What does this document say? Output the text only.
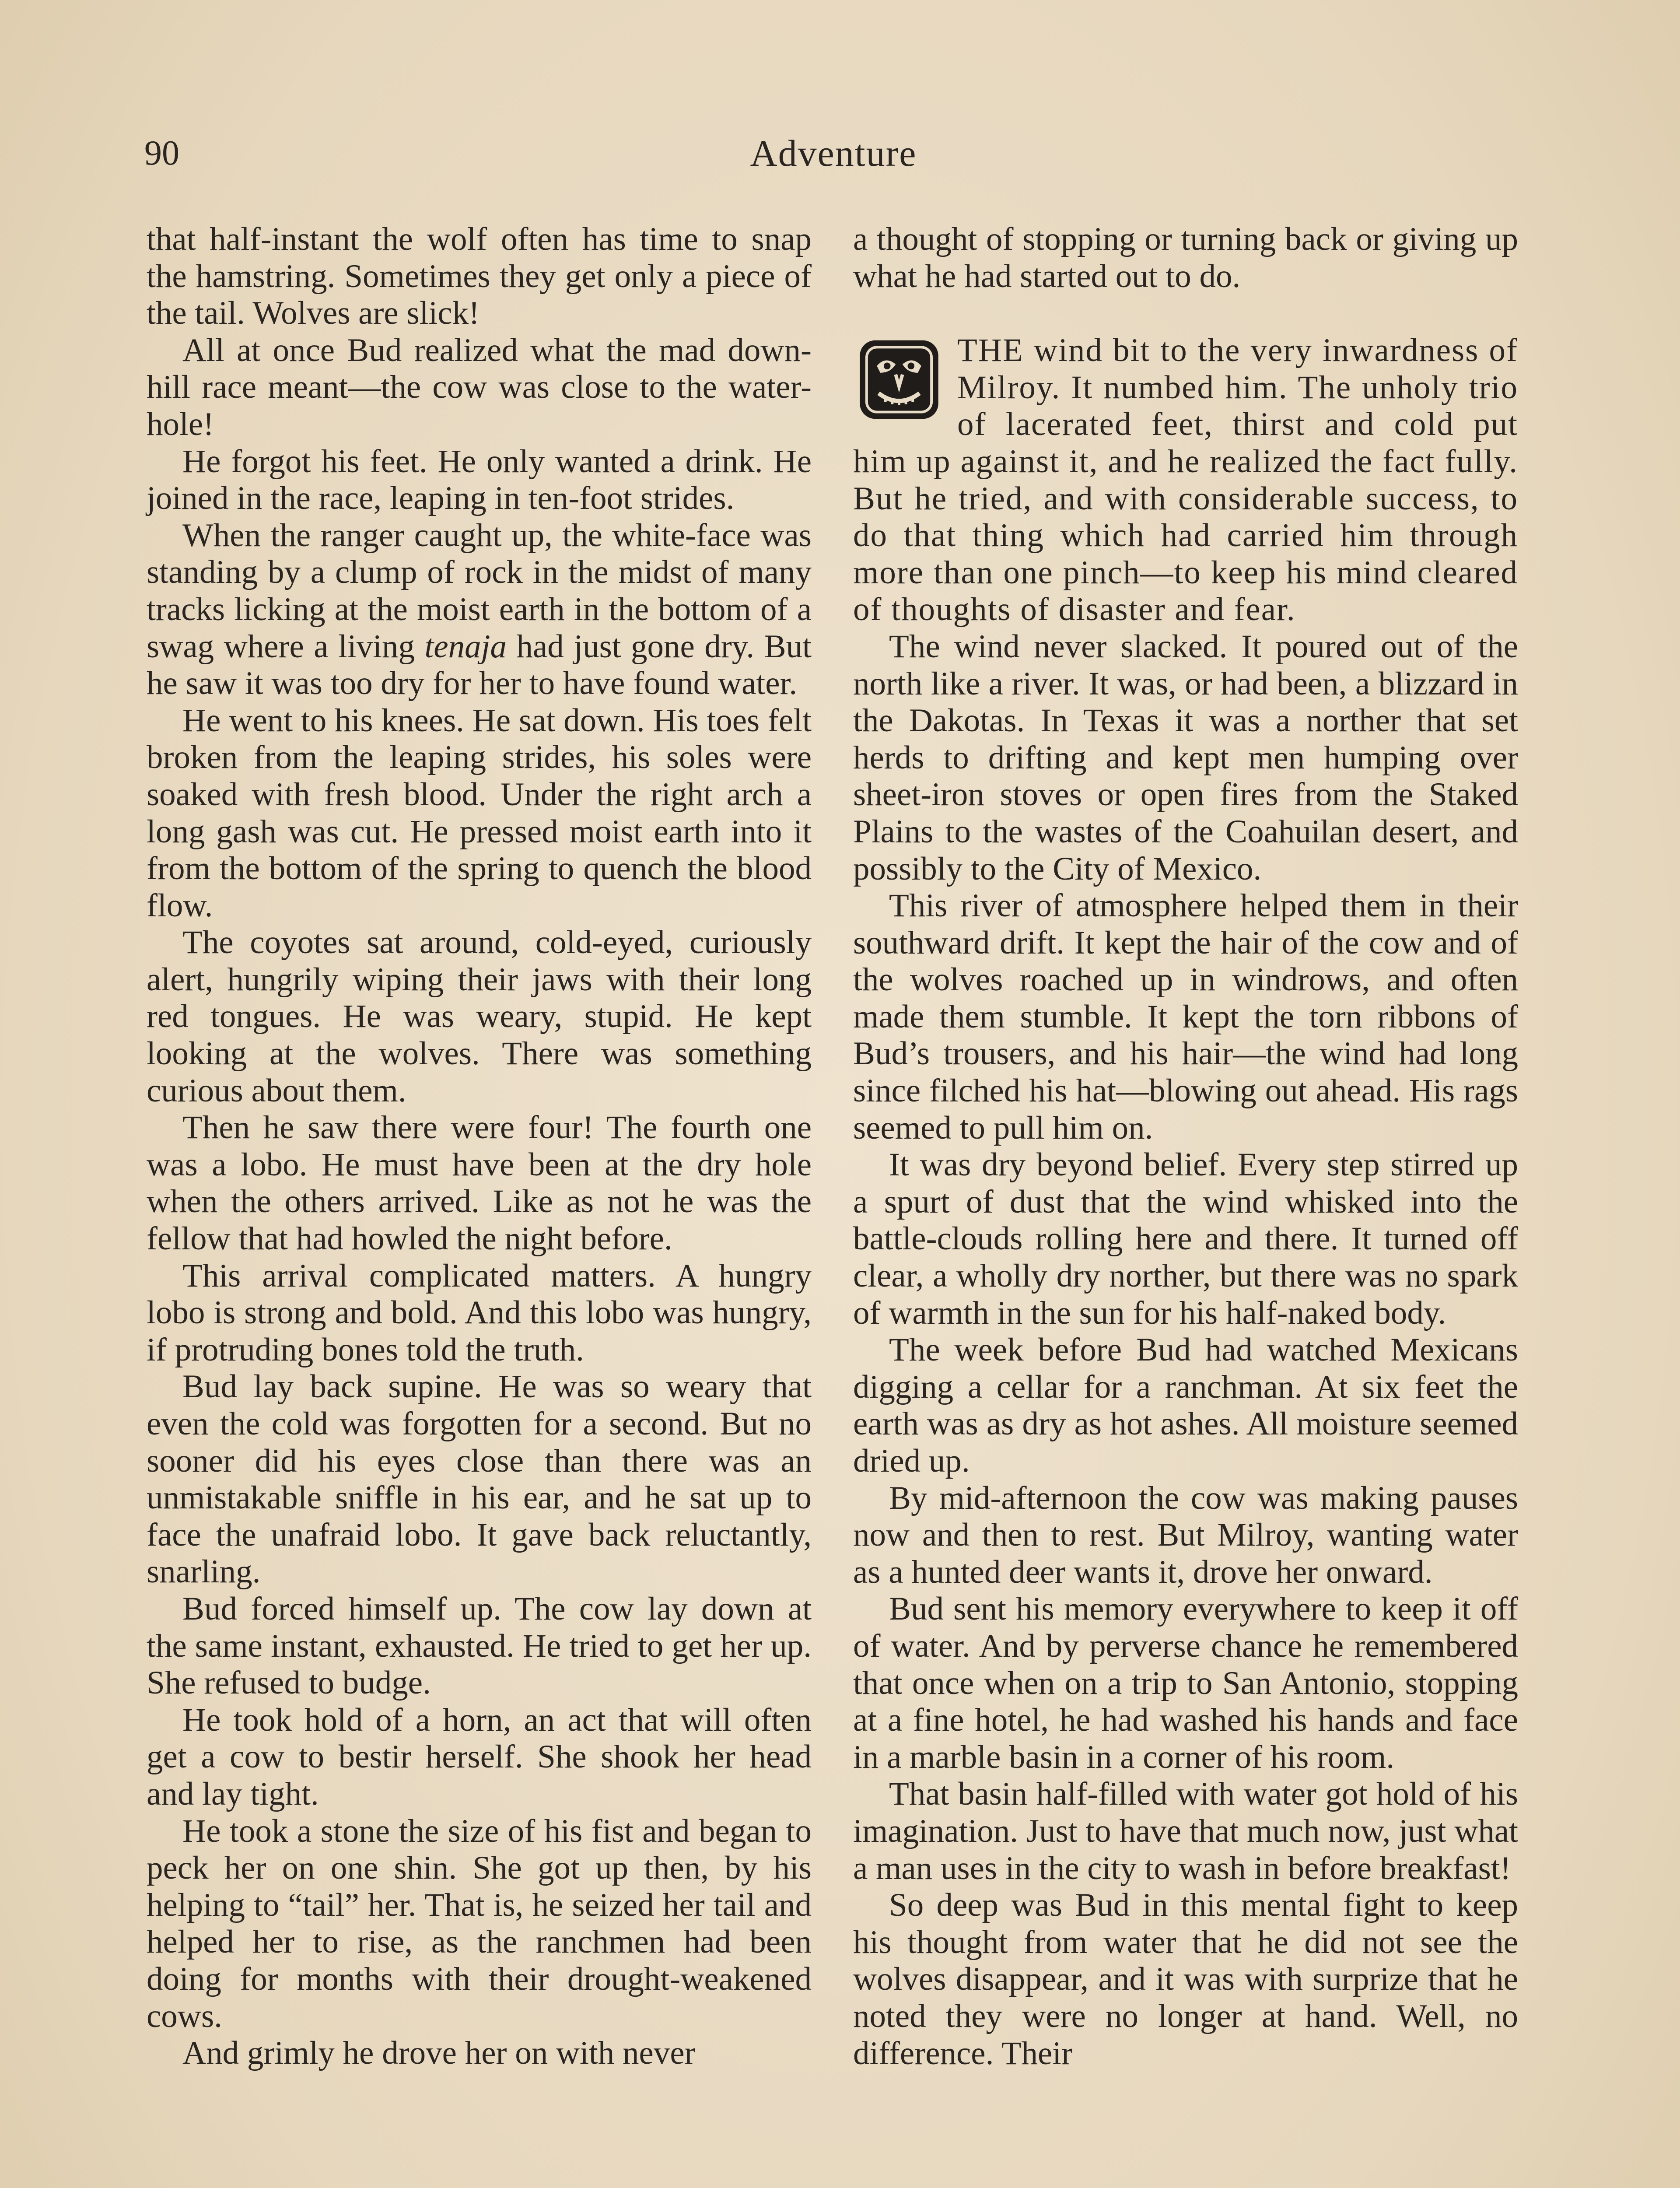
90	Adventure

that half-instant the wolf often has time to snap the hamstring. Sometimes they get only a piece of the tail. Wolves are slick!

All at once Bud realized what the mad down-hill race meant—the cow was close to the water-hole!

He forgot his feet. He only wanted a drink. He joined in the race, leaping in ten-foot strides.

When the ranger caught up, the white-face was standing by a clump of rock in the midst of many tracks licking at the moist earth in the bottom of a swag where a living tenaja had just gone dry. But he saw it was too dry for her to have found water.

He went to his knees. He sat down. His toes felt broken from the leaping strides, his soles were soaked with fresh blood. Under the right arch a long gash was cut. He pressed moist earth into it from the bottom of the spring to quench the blood flow.

The coyotes sat around, cold-eyed, curiously alert, hungrily wiping their jaws with their long red tongues. He was weary, stupid. He kept looking at the wolves. There was something curious about them.

Then he saw there were four! The fourth one was a lobo. He must have been at the dry hole when the others arrived. Like as not he was the fellow that had howled the night before.

This arrival complicated matters. A hungry lobo is strong and bold. And this lobo was hungry, if protruding bones told the truth.

Bud lay back supine. He was so weary that even the cold was forgotten for a second. But no sooner did his eyes close than there was an unmistakable sniffle in his ear, and he sat up to face the unafraid lobo. It gave back reluctantly, snarling.

Bud forced himself up. The cow lay down at the same instant, exhausted. He tried to get her up. She refused to budge.

He took hold of a horn, an act that will often get a cow to bestir herself. She shook her head and lay tight.

He took a stone the size of his fist and began to peck her on one shin. She got up then, by his helping to “tail” her. That is, he seized her tail and helped her to rise, as the ranchmen had been doing for months with their drought-weakened cows.

And grimly he drove her on with never

a thought of stopping or turning back or giving up what he had started out to do.

THE wind bit to the very inwardness of Milroy. It numbed him. The unholy trio of lacerated feet, thirst and cold put him up against it, and he realized the fact fully. But he tried, and with considerable success, to do that thing which had carried him through more than one pinch—to keep his mind cleared of thoughts of disaster and fear.

The wind never slacked. It poured out of the north like a river. It was, or had been, a blizzard in the Dakotas. In Texas it was a norther that set herds to drifting and kept men humping over sheet-iron stoves or open fires from the Staked Plains to the wastes of the Coahuilan desert, and possibly to the City of Mexico.

This river of atmosphere helped them in their southward drift. It kept the hair of the cow and of the wolves roached up in windrows, and often made them stumble. It kept the torn ribbons of Bud’s trousers, and his hair—the wind had long since filched his hat—blowing out ahead. His rags seemed to pull him on.

It was dry beyond belief. Every step stirred up a spurt of dust that the wind whisked into the battle-clouds rolling here and there. It turned off clear, a wholly dry norther, but there was no spark of warmth in the sun for his half-naked body.

The week before Bud had watched Mexicans digging a cellar for a ranchman. At six feet the earth was as dry as hot ashes. All moisture seemed dried up.

By mid-afternoon the cow was making pauses now and then to rest. But Milroy, wanting water as a hunted deer wants it, drove her onward.

Bud sent his memory everywhere to keep it off of water. And by perverse chance he remembered that once when on a trip to San Antonio, stopping at a fine hotel, he had washed his hands and face in a marble basin in a corner of his room.

That basin half-filled with water got hold of his imagination. Just to have that much now, just what a man uses in the city to wash in before breakfast!

So deep was Bud in this mental fight to keep his thought from water that he did not see the wolves disappear, and it was with surprize that he noted they were no longer at hand. Well, no difference. Their
